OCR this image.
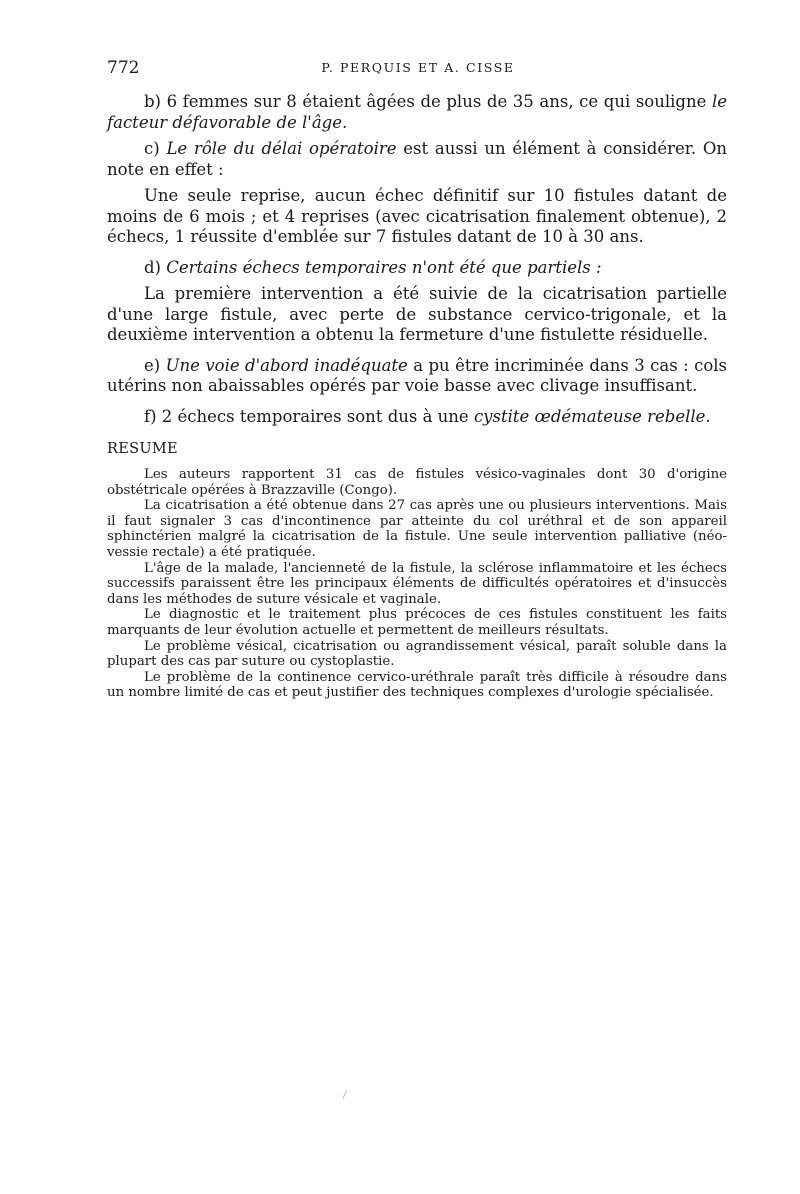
772	P. PERQUIS ET A. CISSE

b) 6 femmes sur 8 étaient âgées de plus de 35 ans, ce qui souligne le facteur défavorable de l'âge.

c) Le rôle du délai opératoire est aussi un élément à considérer. On note en effet :

Une seule reprise, aucun échec définitif sur 10 fistules datant de moins de 6 mois ; et 4 reprises (avec cicatrisation finalement obtenue), 2 échecs, 1 réussite d'emblée sur 7 fistules datant de 10 à 30 ans.

d) Certains échecs temporaires n'ont été que partiels :

La première intervention a été suivie de la cicatrisation partielle d'une large fistule, avec perte de substance cervico-trigonale, et la deuxième intervention a obtenu la fermeture d'une fistulette résiduelle.

e) Une voie d'abord inadéquate a pu être incriminée dans 3 cas : cols utérins non abaissables opérés par voie basse avec clivage insuffisant.

f) 2 échecs temporaires sont dus à une cystite œdémateuse rebelle.

RESUME

Les auteurs rapportent 31 cas de fistules vésico-vaginales dont 30 d'origine obstétricale opérées à Brazzaville (Congo).

La cicatrisation a été obtenue dans 27 cas après une ou plusieurs interventions. Mais il faut signaler 3 cas d'incontinence par atteinte du col uréthral et de son appareil sphinctérien malgré la cicatrisation de la fistule. Une seule intervention palliative (néo-vessie rectale) a été pratiquée.

L'âge de la malade, l'ancienneté de la fistule, la sclérose inflammatoire et les échecs successifs paraissent être les principaux éléments de difficultés opératoires et d'insuccès dans les méthodes de suture vésicale et vaginale.

Le diagnostic et le traitement plus précoces de ces fistules constituent les faits marquants de leur évolution actuelle et permettent de meilleurs résultats.

Le problème vésical, cicatrisation ou agrandissement vésical, paraît soluble dans la plupart des cas par suture ou cystoplastie.

Le problème de la continence cervico-uréthrale paraît très difficile à résoudre dans un nombre limité de cas et peut justifier des techniques complexes d'urologie spécialisée.
